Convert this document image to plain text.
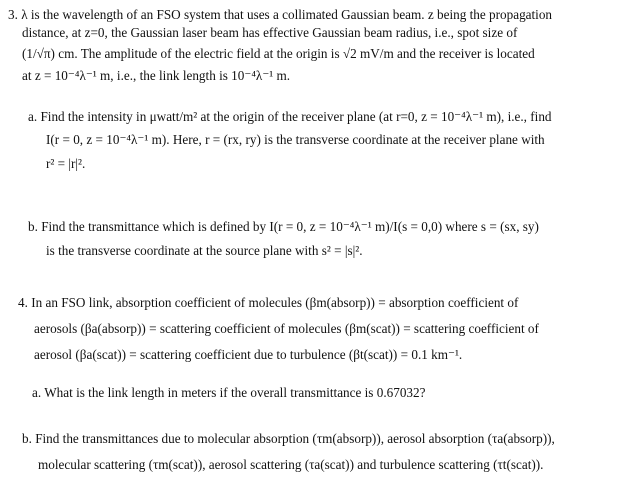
3. λ is the wavelength of an FSO system that uses a collimated Gaussian beam. z being the propagation
distance, at z=0, the Gaussian laser beam has effective Gaussian beam radius, i.e., spot size of
(1/√π) cm. The amplitude of the electric field at the origin is √2 mV/m and the receiver is located
at z = 10⁻⁴λ⁻¹ m, i.e., the link length is 10⁻⁴λ⁻¹ m.
a. Find the intensity in μwatt/m² at the origin of the receiver plane (at r=0, z = 10⁻⁴λ⁻¹ m), i.e., find
I(r = 0, z = 10⁻⁴λ⁻¹ m). Here, r = (rx, ry) is the transverse coordinate at the receiver plane with
r² = |r|².
b. Find the transmittance which is defined by I(r = 0, z = 10⁻⁴λ⁻¹ m)/I(s = 0,0) where s = (sx, sy)
is the transverse coordinate at the source plane with s² = |s|².
4. In an FSO link, absorption coefficient of molecules (βm(absorp)) = absorption coefficient of
aerosols (βa(absorp)) = scattering coefficient of molecules (βm(scat)) = scattering coefficient of
aerosol (βa(scat)) = scattering coefficient due to turbulence (βt(scat)) = 0.1 km⁻¹.
a. What is the link length in meters if the overall transmittance is 0.67032?
b. Find the transmittances due to molecular absorption (τm(absorp)), aerosol absorption (τa(absorp)),
molecular scattering (τm(scat)), aerosol scattering (τa(scat)) and turbulence scattering (τt(scat)).
